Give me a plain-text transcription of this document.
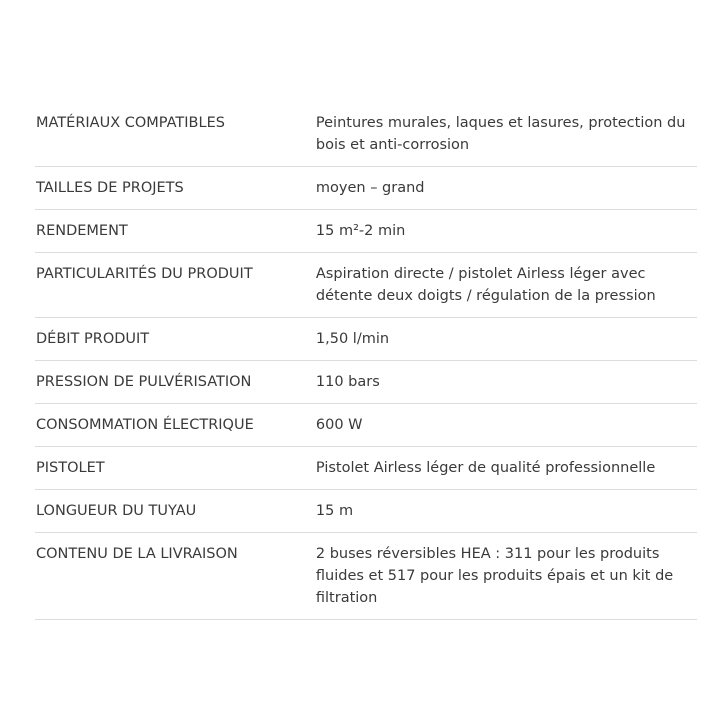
MATÉRIAUX COMPATIBLES	Peintures murales, laques et lasures, protection du bois et anti-corrosion
TAILLES DE PROJETS	moyen – grand
RENDEMENT	15 m²-2 min
PARTICULARITÉS DU PRODUIT	Aspiration directe / pistolet Airless léger avec détente deux doigts / régulation de la pression
DÉBIT PRODUIT	1,50 l/min
PRESSION DE PULVÉRISATION	110 bars
CONSOMMATION ÉLECTRIQUE	600 W
PISTOLET	Pistolet Airless léger de qualité professionnelle
LONGUEUR DU TUYAU	15 m
CONTENU DE LA LIVRAISON	2 buses réversibles HEA : 311 pour les produits fluides et 517 pour les produits épais et un kit de filtration
